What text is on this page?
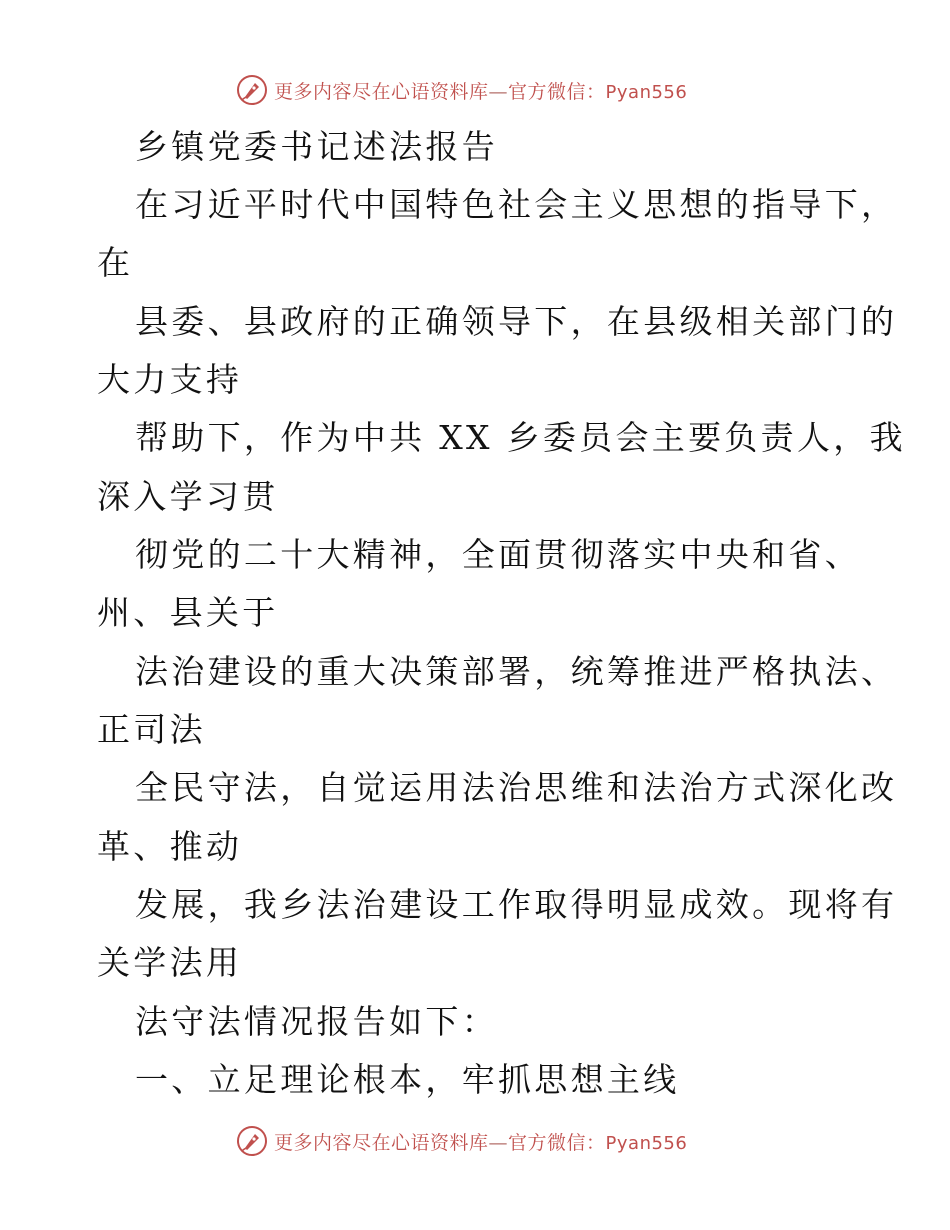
更多内容尽在心语资料库—官方微信：Pyan556
乡镇党委书记述法报告
在习近平时代中国特色社会主义思想的指导下，
在
县委、县政府的正确领导下，在县级相关部门的
大力支持
帮助下，作为中共 XX 乡委员会主要负责人，我
深入学习贯
彻党的二十大精神，全面贯彻落实中央和省、
州、县关于
法治建设的重大决策部署，统筹推进严格执法、
正司法
全民守法，自觉运用法治思维和法治方式深化改
革、推动
发展，我乡法治建设工作取得明显成效。现将有
关学法用
法守法情况报告如下：
一、立足理论根本，牢抓思想主线
更多内容尽在心语资料库—官方微信：Pyan556
